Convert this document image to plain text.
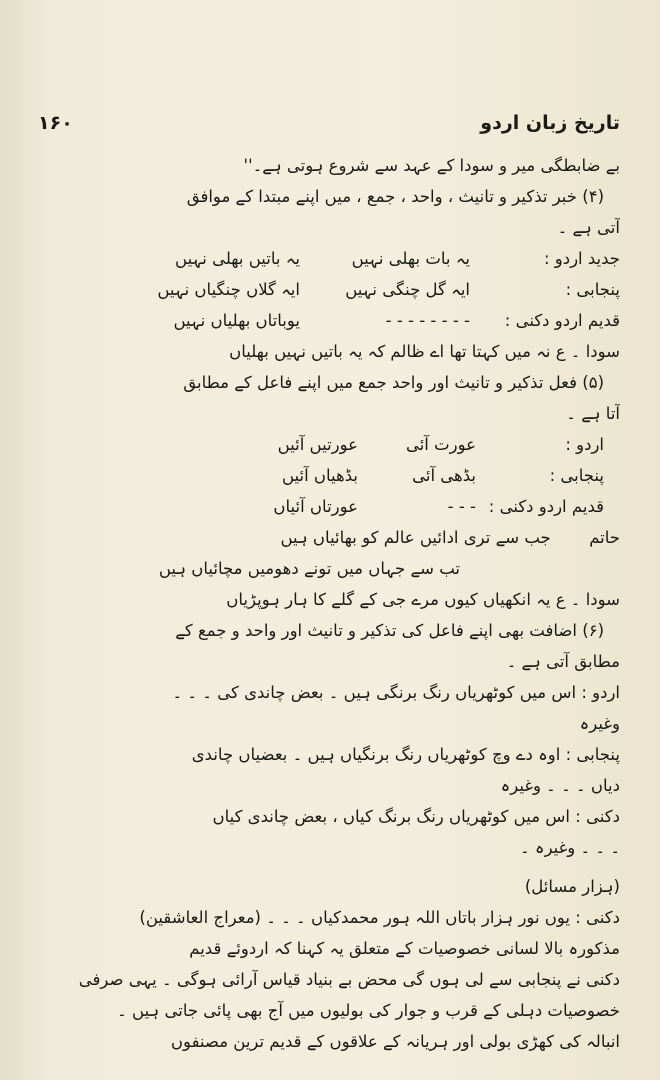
تاریخ زبان اردو
۱۶۰
بے ضابطگی میر و سودا کے عہد سے شروع ہوتی ہے۔''
(۴) خبر تذکیر و تانیث ، واحد ، جمع ، میں اپنے مبتدا کے موافق
آتی ہے ۔
جدید اردو :
یہ بات بھلی نہیں
یہ باتیں بھلی نہیں
پنجابی :
ایہ گل چنگی نہیں
ایہ گلاں چنگیاں نہیں
قدیم اردو دکنی :
- - - - - - - -
یوباتاں بھلیاں نہیں
سودا ۔ ع نہ میں کہتا تھا اے ظالم کہ یہ باتیں نہیں بھلیاں
(۵) فعل تذکیر و تانیث اور واحد جمع میں اپنے فاعل کے مطابق
آتا ہے ۔
اردو :
عورت آئی
عورتیں آئیں
پنجابی :
بڈھی آئی
بڈھیاں آئیں
قدیم اردو دکنی :
- - -
عورتاں آئیاں
حاتم جب سے تری ادائیں عالم کو بھائیاں ہیں
تب سے جہاں میں تونے دھومیں مچائیاں ہیں
سودا ۔ ع یہ انکھیاں کیوں مرے جی کے گلے کا ہار ہوپڑیاں
(۶) اضافت بھی اپنے فاعل کی تذکیر و تانیث اور واحد و جمع کے
مطابق آتی ہے ۔
اردو : اس میں کوٹھریاں رنگ برنگی ہیں ۔ بعض چاندی کی ۔ ۔ ۔
وغیرہ
پنجابی : اوہ دے وچ کوٹھریاں رنگ برنگیاں ہیں ۔ بعضیاں چاندی
دیاں ۔ ۔ ۔ وغیرہ
دکنی : اس میں کوٹھریاں رنگ برنگ کیاں ، بعض چاندی کیاں
۔ ۔ ۔ وغیرہ ۔
(ہزار مسائل)
دکنی : یوں نور ہزار باتاں اللہ ہور محمدکیاں ۔ ۔ ۔ (معراج العاشقین)
مذکورہ بالا لسانی خصوصیات کے متعلق یہ کہنا کہ اردوئے قدیم
دکنی نے پنجابی سے لی ہوں گی محض بے بنیاد قیاس آرائی ہوگی ۔ یہی صرفی
خصوصیات دہلی کے قرب و جوار کی بولیوں میں آج بھی پائی جاتی ہیں ۔
انبالہ کی کھڑی بولی اور ہریانہ کے علاقوں کے قدیم ترین مصنفوں
